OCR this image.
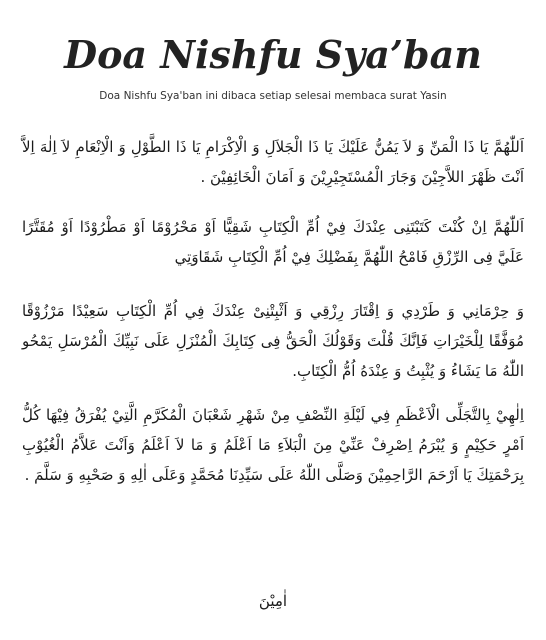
Doa Nishfu Sya’ban
Doa Nishfu Sya'ban ini dibaca setiap selesai membaca surat Yasin
اَللّٰهُمَّ يَا ذَا الْمَنِّ وَ لاَ يَمُنُّ عَلَيْكَ يَا ذَا الْجَلاَلِ وَ الْاِكْرَامِ يَا ذَا الطَّوْلِ وَ الْاِنْعَامِ لاَ اِلٰهَ اِلاَّ اَنْتَ ظَهْرَ اللاَّجِيْنَ وَجَارَ الْمُسْتَجِيْرِيْنَ وَ اَمَانَ الْخَائِفِيْنَ .
اَللّٰهُمَّ اِنْ كُنْتَ كَتَبْتَنِى عِنْدَكَ فِيْ اُمِّ الْكِتَابِ شَقِيًّا اَوْ مَحْرُوْمًا اَوْ مَطْرُوْدًا اَوْ مُقَتَّرًا عَلَيَّ فِى الرِّزْقِ فَامْحُ اللّٰهُمَّ بِفَضْلِكَ فِيْ اُمِّ الْكِتَابِ شَقَاوَتِي
وَ حِرْمَانِي وَ طَرْدِي وَ اِقْتَارَ رِزْقِي وَ اَثْبِتْنِىْ عِنْدَكَ فِي اُمِّ الْكِتَابِ سَعِيْدًا مَرْزُوْقًا مُوَفَّقًا لِلْخَيْرَاتِ فَاِنَّكَ قُلْتَ وَقَوْلُكَ الْحَقُّ فِى كِتَابِكَ الْمُنْزَلِ عَلَى نَبِيِّكَ الْمُرْسَلِ يَمْحُو اللّٰهُ مَا يَشَاءُ وَ يُثْبِتُ وَ عِنْدَهُ اُمُّ الْكِتَابِ.
اِلٰهِيْ بِالتَّجَلِّى الْاَعْظَمِ فِي لَيْلَةِ النِّصْفِ مِنْ شَهْرِ شَعْبَانَ الْمُكَرَّمِ الَّتِيْ يُفْرَقُ فِيْهَا كُلُّ اَمْرٍ حَكِيْمٍ وَ يُبْرَمُ اِصْرِفْ عَنِّيْ مِنَ الْبَلاَءِ مَا اَعْلَمُ وَ مَا لاَ اَعْلَمُ وَاَنْتَ عَلاَّمُ الْغُيُوْبِ بِرَحْمَتِكَ يَا اَرْحَمَ الرَّاحِمِيْنَ وَصَلَّى اللّٰهُ عَلَى سَيِّدِنَا مُحَمَّدٍ وَعَلَى اٰلِهِ وَ صَحْبِهِ وَ سَلَّمَ .
اٰمِيْنَ
